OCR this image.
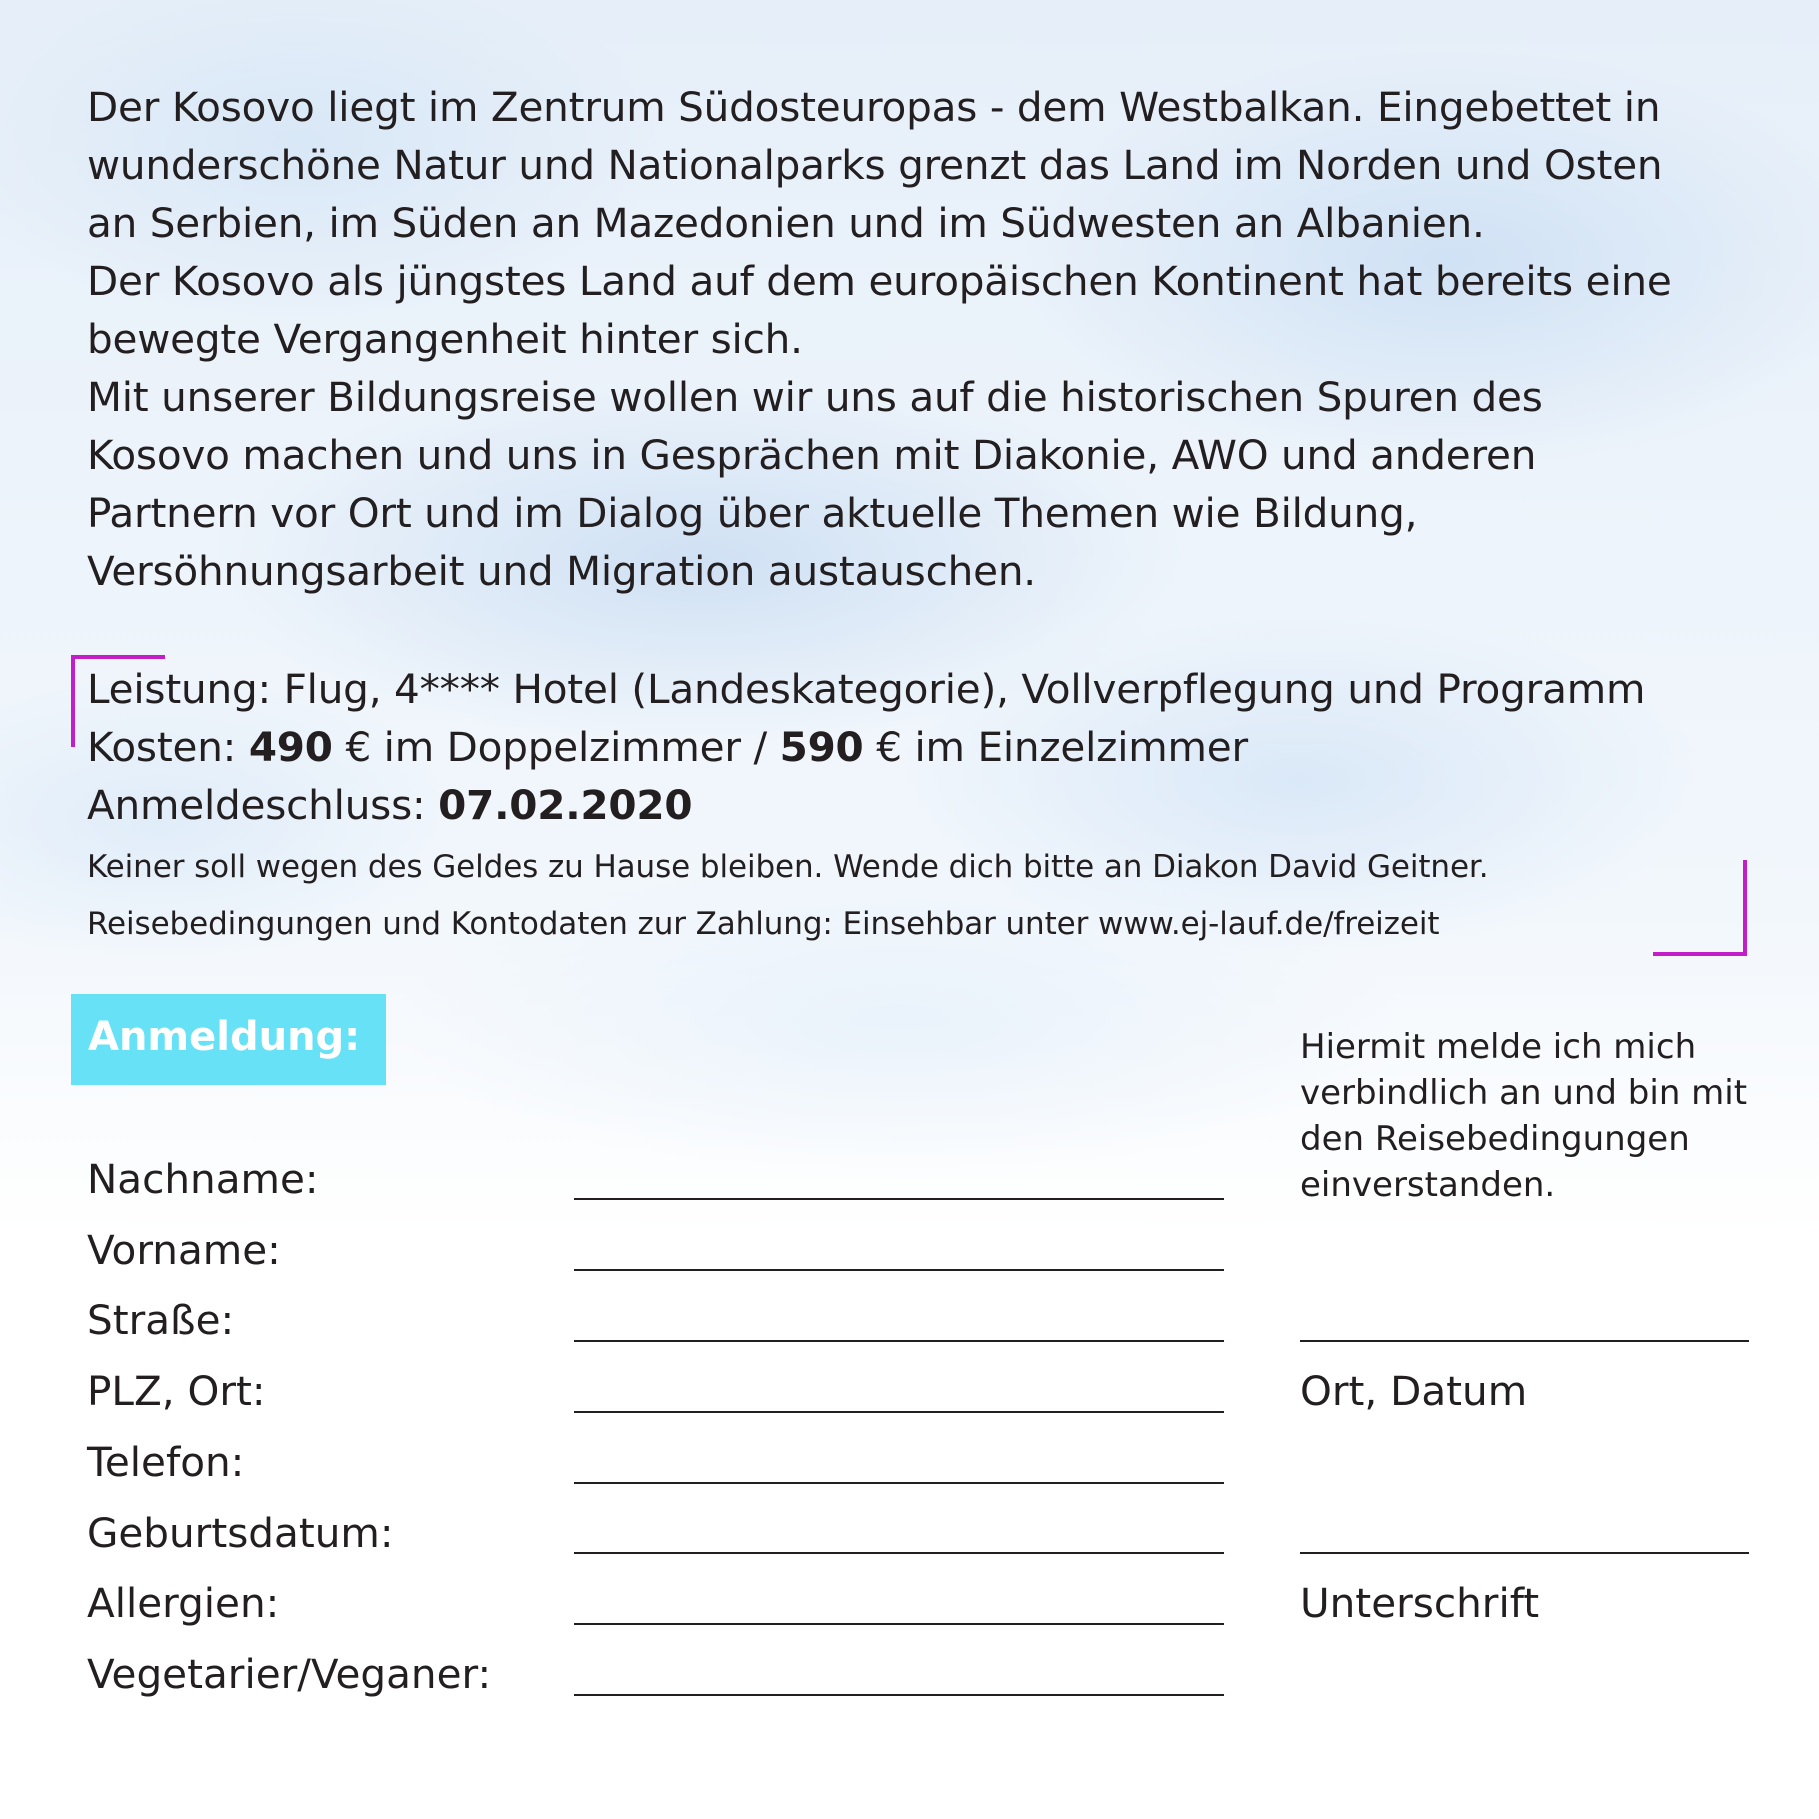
Der Kosovo liegt im Zentrum Südosteuropas - dem Westbalkan. Eingebettet in
wunderschöne Natur und Nationalparks grenzt das Land im Norden und Osten
an Serbien, im Süden an Mazedonien und im Südwesten an Albanien.
Der Kosovo als jüngstes Land auf dem europäischen Kontinent hat bereits eine
bewegte Vergangenheit hinter sich.
Mit unserer Bildungsreise wollen wir uns auf die historischen Spuren des
Kosovo machen und uns in Gesprächen mit Diakonie, AWO und anderen
Partnern vor Ort und im Dialog über aktuelle Themen wie Bildung,
Versöhnungsarbeit und Migration austauschen.
Leistung: Flug, 4**** Hotel (Landeskategorie), Vollverpflegung und Programm
Kosten: 490 € im Doppelzimmer / 590 € im Einzelzimmer
Anmeldeschluss: 07.02.2020
Keiner soll wegen des Geldes zu Hause bleiben. Wende dich bitte an Diakon David Geitner.
Reisebedingungen und Kontodaten zur Zahlung: Einsehbar unter www.ej-lauf.de/freizeit
Anmeldung:
Nachname:
Vorname:
Straße:
PLZ, Ort:
Telefon:
Geburtsdatum:
Allergien:
Vegetarier/Veganer:
Hiermit melde ich mich
verbindlich an und bin mit
den Reisebedingungen
einverstanden.
Ort, Datum
Unterschrift
